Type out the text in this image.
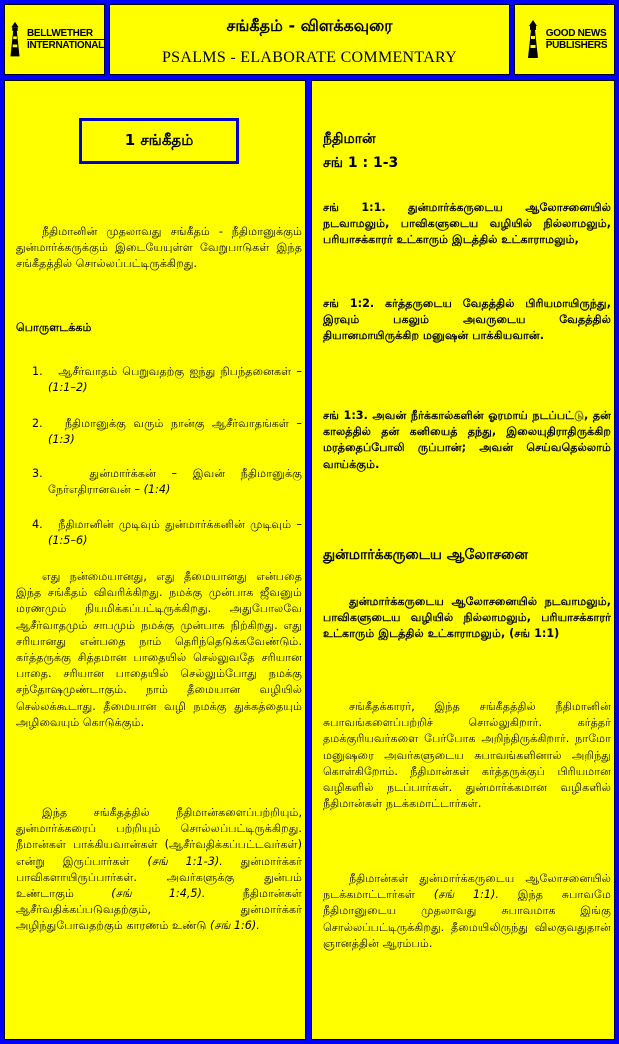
BELLWETHER
INTERNATIONAL
சங்கீதம் - விளக்கவுரை
PSALMS - ELABORATE COMMENTARY
GOOD NEWS
PUBLISHERS
1 சங்கீதம்

நீதிமானின் முதலாவது சங்கீதம் - நீதிமானுக்கும் துன்மார்க்கருக்கும் இடையேயுள்ள வேறுபாடுகள் இந்த சங்கீதத்தில் சொல்லப்பட்டிருக்கிறது.

பொருளடக்கம்

1. ஆசீர்வாதம் பெறுவதற்கு ஐந்து நிபந்தனைகள் – (1:1–2)

2. நீதிமானுக்கு வரும் நான்கு ஆசீர்வாதங்கள் – (1:3)

3.	துன்மார்க்கன் – இவன் நீதிமானுக்கு நேர்எதிரானவன் – (1:4)

4. நீதிமானின் முடிவும் துன்மார்க்கனின் முடிவும் – (1:5–6)

எது நன்மையானது, எது தீமையானது என்பதை இந்த சங்கீதம் விவரிக்கிறது. நமக்கு முன்பாக ஜீவனும் மரணமும் நியமிக்கப்பட்டிருக்கிறது. அதுபோலவே ஆசீர்வாதமும் சாபமும் நமக்கு முன்பாக நிற்கிறது. எது சரியானது என்பதை நாம் தெரிந்தெடுக்கவேண்டும். கர்த்தருக்கு சித்தமான பாதையில் செல்லுவதே சரியான பாதை. சரியான பாதையில் செல்லும்போது நமக்கு சந்தோஷமுண்டாகும். நாம் தீமையான வழியில் செல்லக்கூடாது. தீமையான வழி நமக்கு துக்கத்தையும் அழிவையும் கொடுக்கும்.

இந்த சங்கீதத்தில் நீதிமான்களைப்பற்றியும், துன்மார்க்கரைப் பற்றியும் சொல்லப்பட்டிருக்கிறது. நீமான்கள் பாக்கியவான்கள் (ஆசீர்வதிக்கப்பட்டவர்கள்) என்று இருப்பார்கள் (சங் 1:1-3). துன்மார்க்கர் பாவிகளாயிருப்பார்கள். அவர்களுக்கு துன்பம் உண்டாகும் (சங் 1:4,5). நீதிமான்கள் ஆசீர்வதிக்கப்படுவதற்கும், துன்மார்க்கர் அழிந்துபோவதற்கும் காரணம் உண்டு (சங் 1:6).

நீதிமான்

சங் 1 : 1-3

சங் 1:1. துன்மார்க்கருடைய ஆலோசனையில் நடவாமலும், பாவிகளுடைய வழியில் நில்லாமலும், பரியாசக்காரர் உட்காரும் இடத்தில் உட்காராமலும்,

சங் 1:2. கர்த்தருடைய வேதத்தில் பிரியமாயிருந்து, இரவும் பகலும் அவருடைய வேதத்தில் தியானமாயிருக்கிற மனுஷன் பாக்கியவான்.

சங் 1:3. அவன் நீர்க்கால்களின் ஓரமாய் நடப்பட்டு, தன் காலத்தில் தன் கனியைத் தந்து, இலையுதிராதிருக்கிற மரத்தைப்போலி ருப்பான்; அவன் செய்வதெல்லாம் வாய்க்கும்.

துன்மார்க்கருடைய ஆலோசனை

துன்மார்க்கருடைய ஆலோசனையில் நடவாமலும், பாவிகளுடைய வழியில் நில்லாமலும், பரியாசக்காரர் உட்காரும் இடத்தில் உட்காராமலும், (சங் 1:1)

சங்கீதக்காரர், இந்த சங்கீதத்தில் நீதிமானின் சுபாவங்களைப்பற்றிச் சொல்லுகிறார். கர்த்தர் தமக்குரியவர்களை பேர்போக அறிந்திருக்கிறார். நாமோ மனுஷரை அவர்களுடைய சுபாவங்களினால் அறிந்து கொள்கிறோம். நீதிமான்கள் கர்த்தருக்குப் பிரியமான வழிகளில் நடப்பார்கள். துன்மார்க்கமான வழிகளில் நீதிமான்கள் நடக்கமாட்டார்கள்.

நீதிமான்கள் துன்மார்க்கருடைய ஆலோசனையில் நடக்கமாட்டார்கள் (சங் 1:1). இந்த சுபாவமே நீதிமானுடைய முதலாவது சுபாவமாக இங்கு சொல்லப்பட்டிருக்கிறது. தீமையிலிருந்து விலகுவதுதான் ஞானத்தின் ஆரம்பம்.
